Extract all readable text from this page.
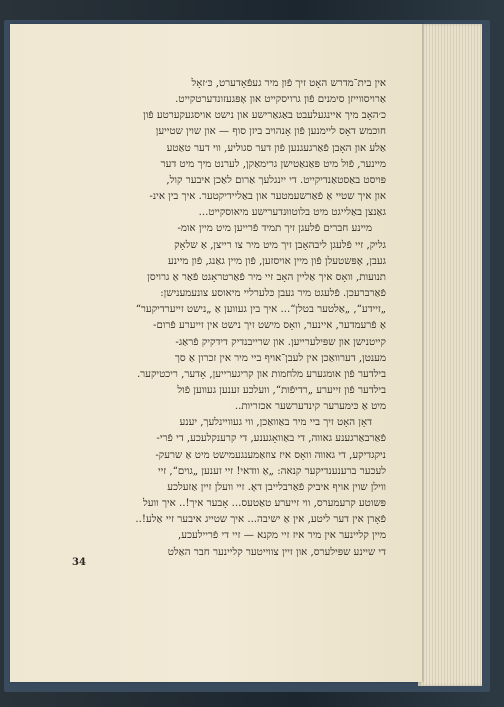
אין בית־מדרש האָט זיך פֿון מיר געפֿאָדערט, כּ׳זאָל
אַרויסווייזן סימנים פֿון גרויסקייט און אָפּגעזונדערטקייט.
כ׳האָב מיך איינגעלעבט באַגאַרישע און נישט אויסגעקערטע פֿון
חוכמש דאָס ליימנען פֿון אָנהויב ביזן סוף — און שוין שטייען
אַלע און האָבן פֿאַרגעגנען פֿון דער סגוליע, ווי דער טאַטע
מיינער, פֿול מיט פּאַנאַטישן גרימאַקן, לערנט מיך מיט דער
פּויסט באַסטאַנדיקייט. די ייִנגלעך אַרום לאַכן איבער קול,
און איך שטיי אַ פֿאַרשעמטער און באַליידיקטער. איך בין אינ-
גאַנצן באַלייגט מיט בלוטווּנדערישע מיאוסקייט...

מיינע חברים פֿלעגן זיך תמיד פֿרייען מיט מיין אומ-
גליק, זיי פֿלעגן ליבהאָבן זיך מיט מיר צו רייצן, אַ שלאָק
געבן, אָפּשטעלן פֿון מיין אויסזען, פֿון מיין גאַנג, פֿון מיינע
תנועות, וואָס איך אַליין האָב זיי מיר פֿאַרטראָגט פֿאַר אַ גרויסן
פֿאַרברעכן. פֿלעגט מיר געבן כּלערליי מיאוסע צונעמענישן:
„זיידע“, „אַלטער בטלן“... איך בין געווען אַ „נישט זייערדיקער“
אַ פֿרעמדער, איינער, וואָס מישט זיך נישט אין זייערע פֿרום-
קייטנישן און שפּילערייען. און שרייבנדיק דידקיק פֿראַג-
מענטן, דערוואַכן אין לעבן־אויף ביי מיר אין זכרון אַ סך
בילדער פֿון אומגערע מלחמות און קריגערייען, אָדער, ריכטיקער.
בילדער פֿון זייערע „רדיפֿות“, וועלכע זענען געווען פֿול
מיט אַ כּימערער קינדערשער אכזריות..

דאָן האָט זיך ביי מיר באַוואַכן, ווי געוויינלעך, יענע
פֿאַרבאַרגענע גאווה, די באַוואָגענע, די קרענקלעכע, די פֿרי-
ניקגדיקע, די גאווה וואָס איז צוזאַמענגעמישט מיט אַ שרעק-
לעכער ברענענדיקער קנאה: „אַ וודאי! זיי זענען „גוים“, זיי
ווילן שוין אויף איביק פֿאַרבלייבן דאָ. זיי וועלן זיין אַזעלכע
פּשוטע קרעמערס, ווי זייערע טאַטעס... אָבער איך!.. איך וועל
פֿאָרן אין דער ליטע, אין אַ ישיבה... איך שטייג איבער זיי אַלע!..
מיין קליינער אין מיר איז זיי מקנא — זיי די פֿריילעכע,
די שיינע שפּילערס, און זיין צווייטער קליינער חבר האַלט

34
